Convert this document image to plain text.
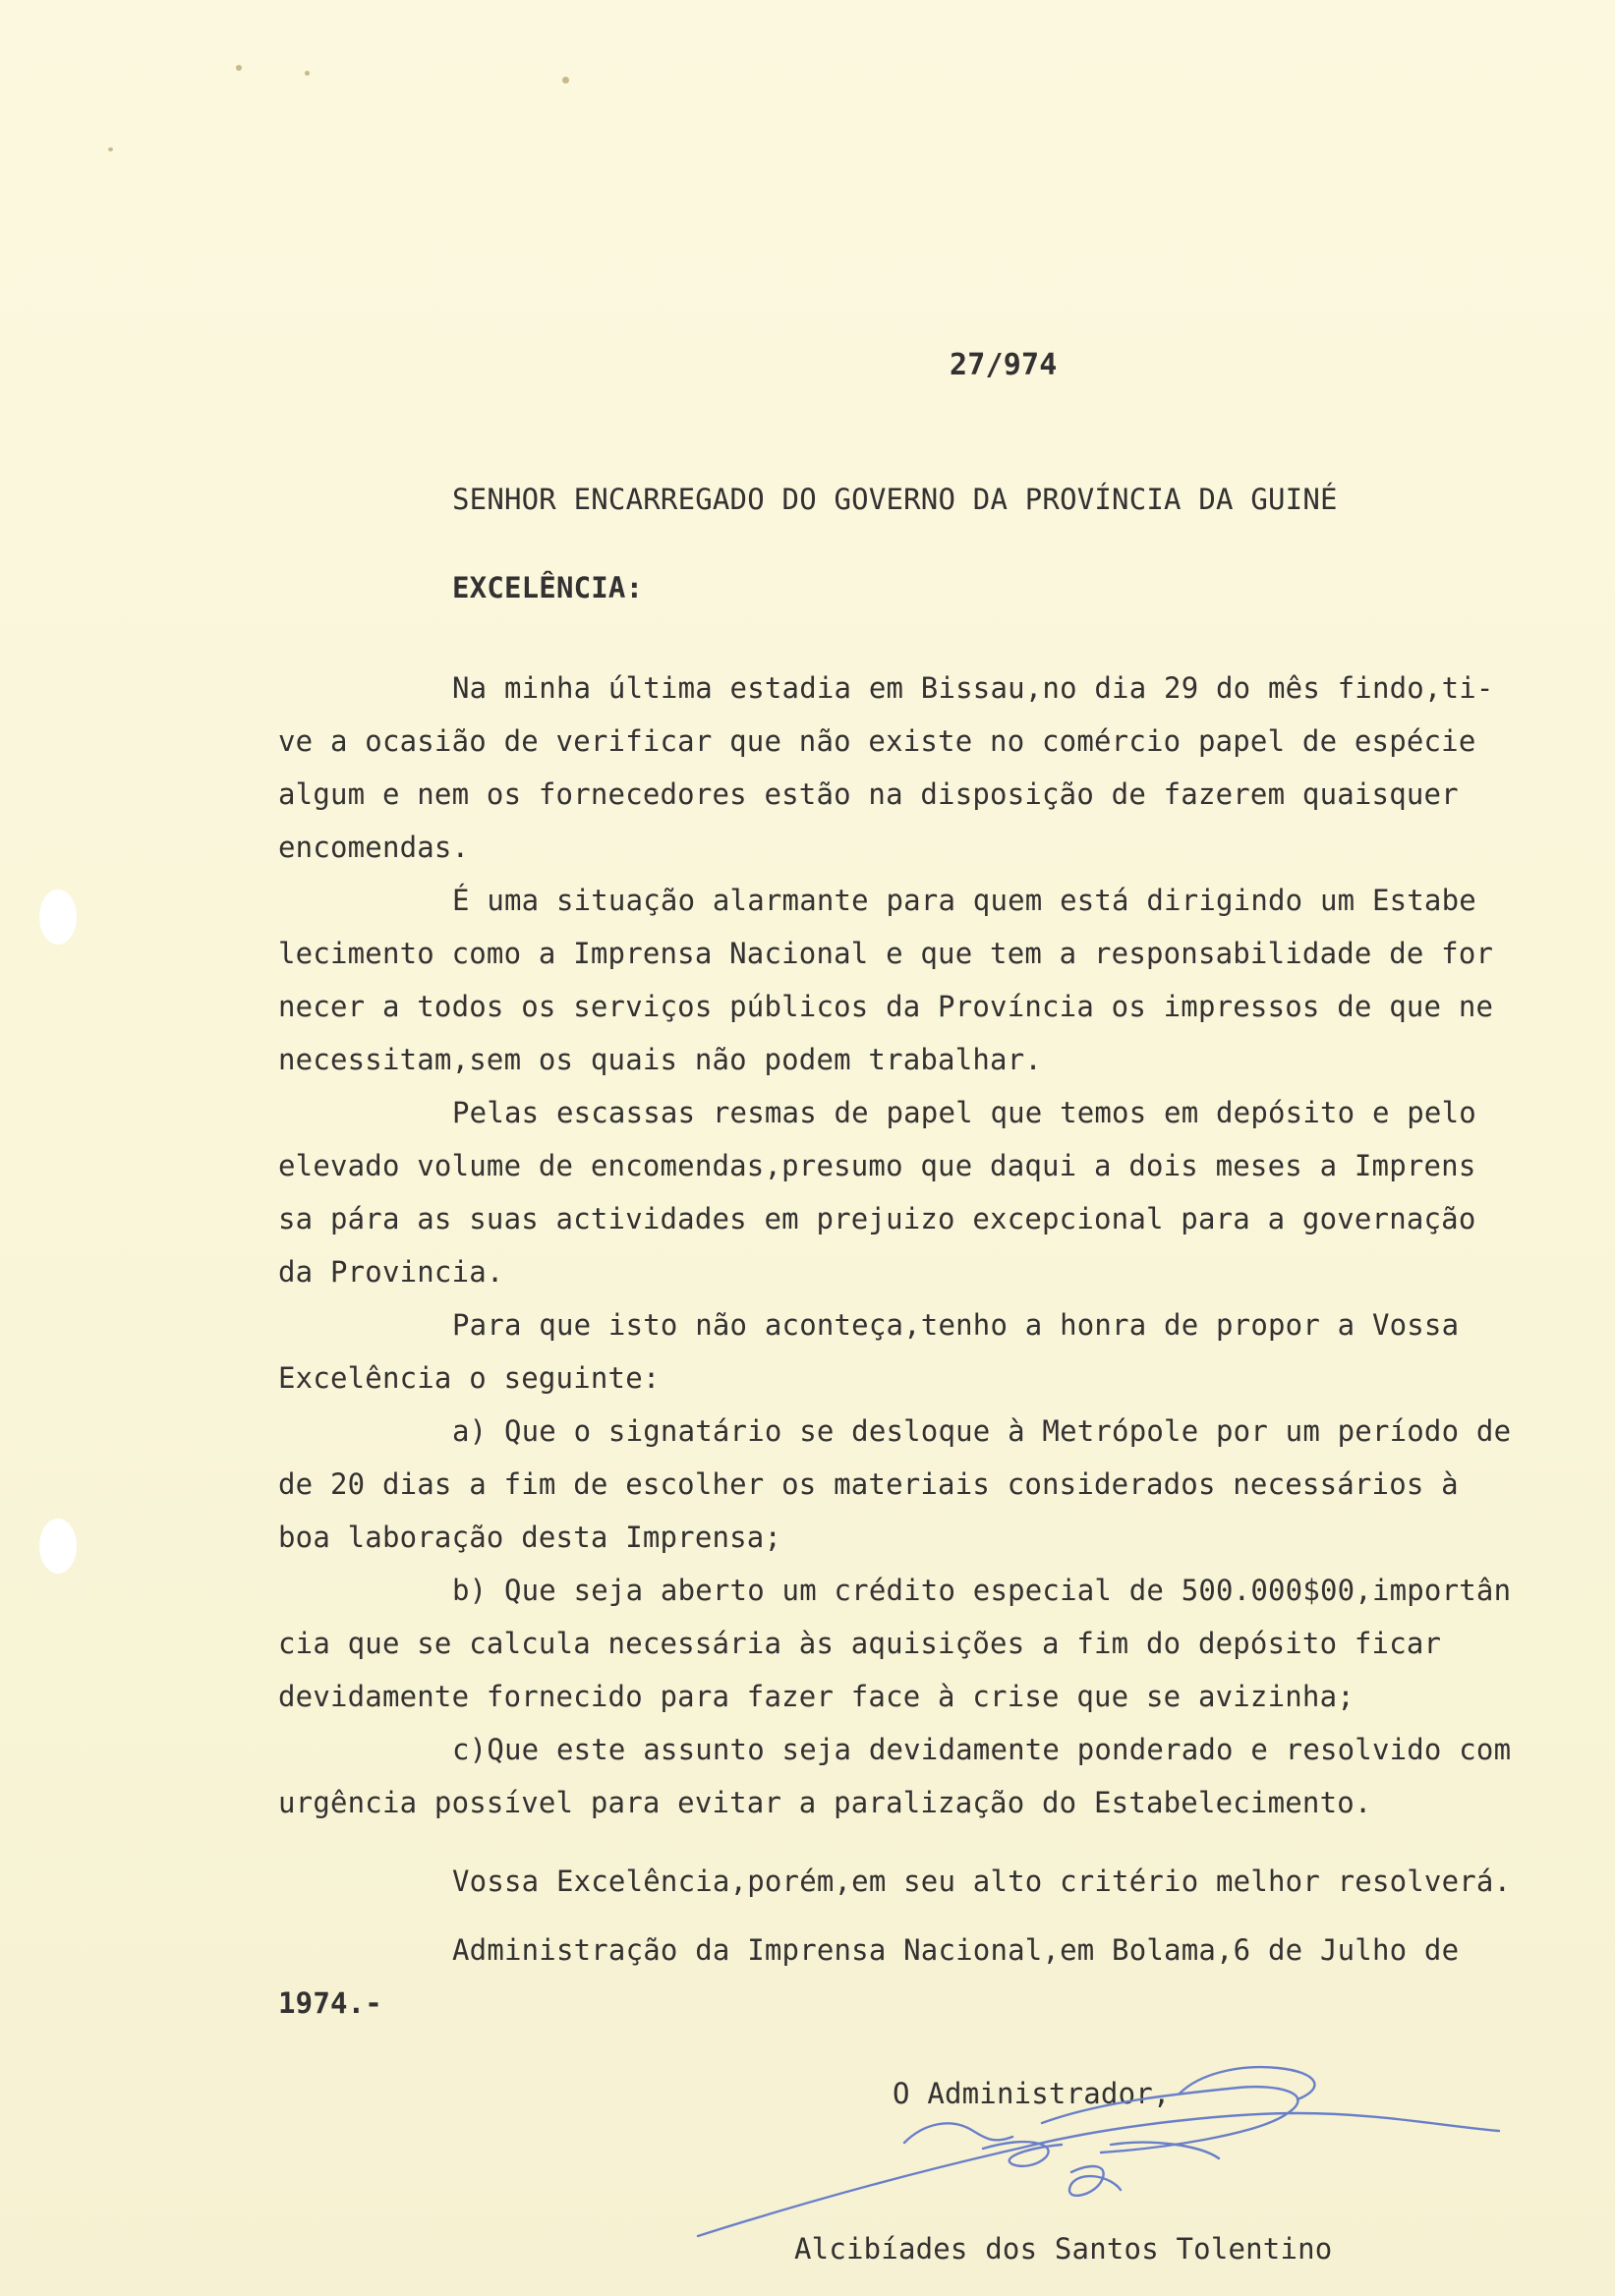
27/974
SENHOR ENCARREGADO DO GOVERNO DA PROVÍNCIA DA GUINÉ
EXCELÊNCIA:
Na minha última estadia em Bissau,no dia 29 do mês findo,ti-
ve a ocasião de verificar que não existe no comércio papel de espécie
algum e nem os fornecedores estão na disposição de fazerem quaisquer
encomendas.
É uma situação alarmante para quem está dirigindo um Estabe
lecimento como a Imprensa Nacional e que tem a responsabilidade de for
necer a todos os serviços públicos da Província os impressos de que ne
necessitam,sem os quais não podem trabalhar.
Pelas escassas resmas de papel que temos em depósito e pelo
elevado volume de encomendas,presumo que daqui a dois meses a Imprens
sa pára as suas actividades em prejuizo excepcional para a governação
da Provincia.
Para que isto não aconteça,tenho a honra de propor a Vossa
Excelência o seguinte:
a) Que o signatário se desloque à Metrópole por um período de
de 20 dias a fim de escolher os materiais considerados necessários à
boa laboração desta Imprensa;
b) Que seja aberto um crédito especial de 500.000$00,importân
cia que se calcula necessária às aquisições a fim do depósito ficar
devidamente fornecido para fazer face à crise que se avizinha;
c)Que este assunto seja devidamente ponderado e resolvido com
urgência possível para evitar a paralização do Estabelecimento.
Vossa Excelência,porém,em seu alto critério melhor resolverá.
Administração da Imprensa Nacional,em Bolama,6 de Julho de
1974.-
O Administrador,
Alcibíades dos Santos Tolentino
